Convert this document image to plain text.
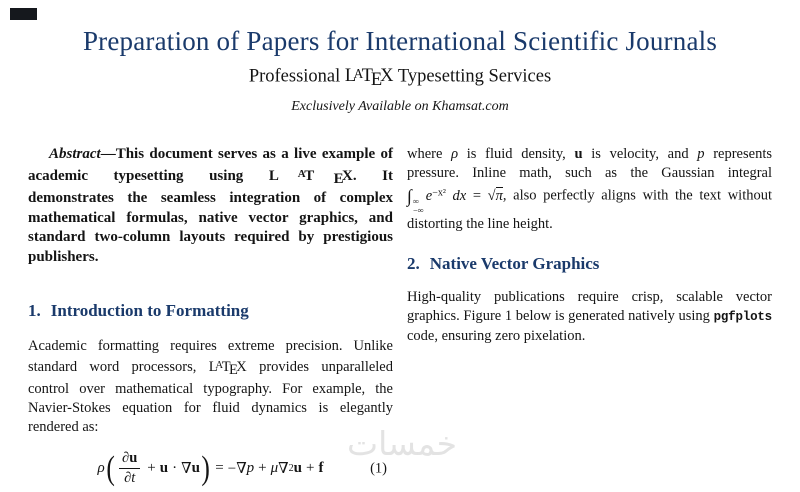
Preparation of Papers for International Scientific Journals
Professional LATEX Typesetting Services
Exclusively Available on Khamsat.com

Abstract—This document serves as a live example of academic typesetting using L AT EX. It demonstrates the seamless integration of complex mathematical formulas, native vector graphics, and standard two-column layouts required by prestigious publishers.

1. Introduction to Formatting

Academic formatting requires extreme precision. Unlike standard word processors, LATEX provides unparalleled control over mathematical typography. For example, the Navier-Stokes equation for fluid dynamics is elegantly rendered as:

ρ ( $\frac{\partial u}{\partial t} + u$ · ∇ u ) = −∇ p + μ ∇ 2 u + f	(1)

where ρ is fluid density, u is velocity, and p represents pressure. Inline math, such as the Gaussian integral ∫ ∞
−∞
$e^{-x^2}$ dx = √π, also perfectly aligns with the text without distorting the line height.

2. Native Vector Graphics

High-quality publications require crisp, scalable vector graphics. Figure 1 below is generated natively using pgfplots code, ensuring zero pixelation.

خمسات
